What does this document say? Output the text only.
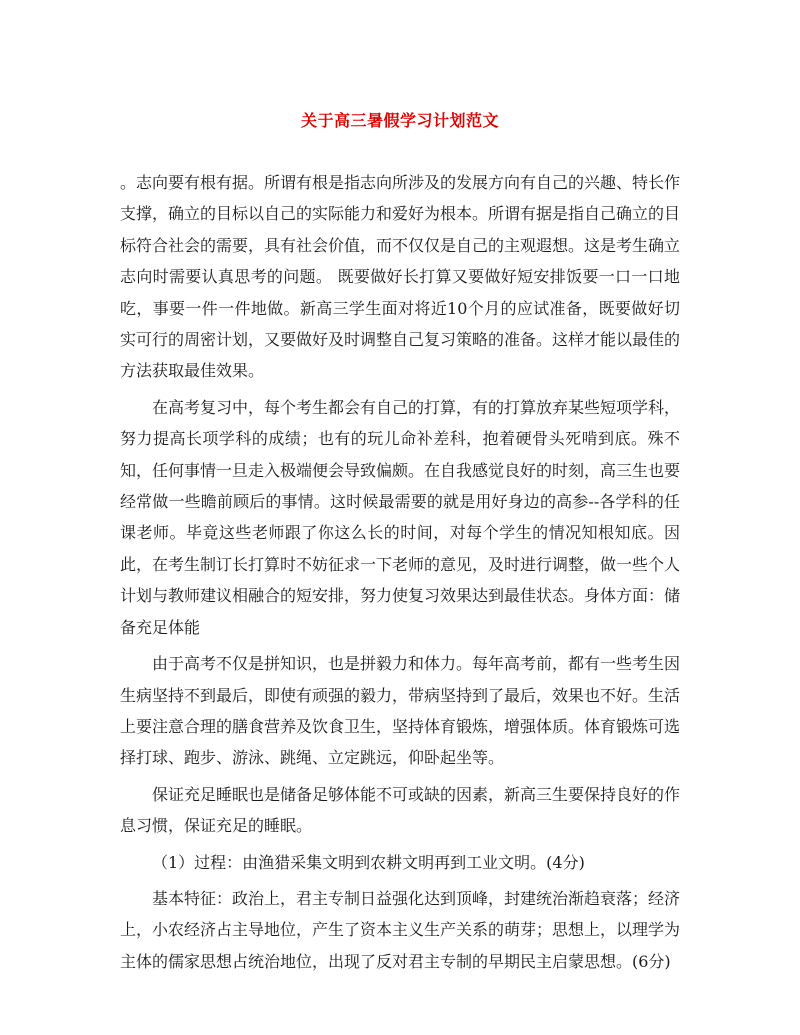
关于高三暑假学习计划范文

。志向要有根有据。所谓有根是指志向所涉及的发展方向有自己的兴趣、特长作支撑，确立的目标以自己的实际能力和爱好为根本。所谓有据是指自己确立的目标符合社会的需要，具有社会价值，而不仅仅是自己的主观遐想。这是考生确立志向时需要认真思考的问题。 既要做好长打算又要做好短安排饭要一口一口地吃，事要一件一件地做。新高三学生面对将近10个月的应试准备，既要做好切实可行的周密计划，又要做好及时调整自己复习策略的准备。这样才能以最佳的方法获取最佳效果。

在高考复习中，每个考生都会有自己的打算，有的打算放弃某些短项学科，努力提高长项学科的成绩；也有的玩儿命补差科，抱着硬骨头死啃到底。殊不知，任何事情一旦走入极端便会导致偏颇。在自我感觉良好的时刻，高三生也要经常做一些瞻前顾后的事情。这时候最需要的就是用好身边的高参--各学科的任课老师。毕竟这些老师跟了你这么长的时间，对每个学生的情况知根知底。因此，在考生制订长打算时不妨征求一下老师的意见，及时进行调整，做一些个人计划与教师建议相融合的短安排，努力使复习效果达到最佳状态。身体方面：储备充足体能

由于高考不仅是拼知识，也是拼毅力和体力。每年高考前，都有一些考生因生病坚持不到最后，即使有顽强的毅力，带病坚持到了最后，效果也不好。生活上要注意合理的膳食营养及饮食卫生，坚持体育锻炼，增强体质。体育锻炼可选择打球、跑步、游泳、跳绳、立定跳远，仰卧起坐等。

保证充足睡眠也是储备足够体能不可或缺的因素，新高三生要保持良好的作息习惯，保证充足的睡眠。

（1）过程：由渔猎采集文明到农耕文明再到工业文明。(4分)

基本特征：政治上，君主专制日益强化达到顶峰，封建统治渐趋衰落；经济上，小农经济占主导地位，产生了资本主义生产关系的萌芽；思想上，以理学为主体的儒家思想占统治地位，出现了反对君主专制的早期民主启蒙思想。(6分)
